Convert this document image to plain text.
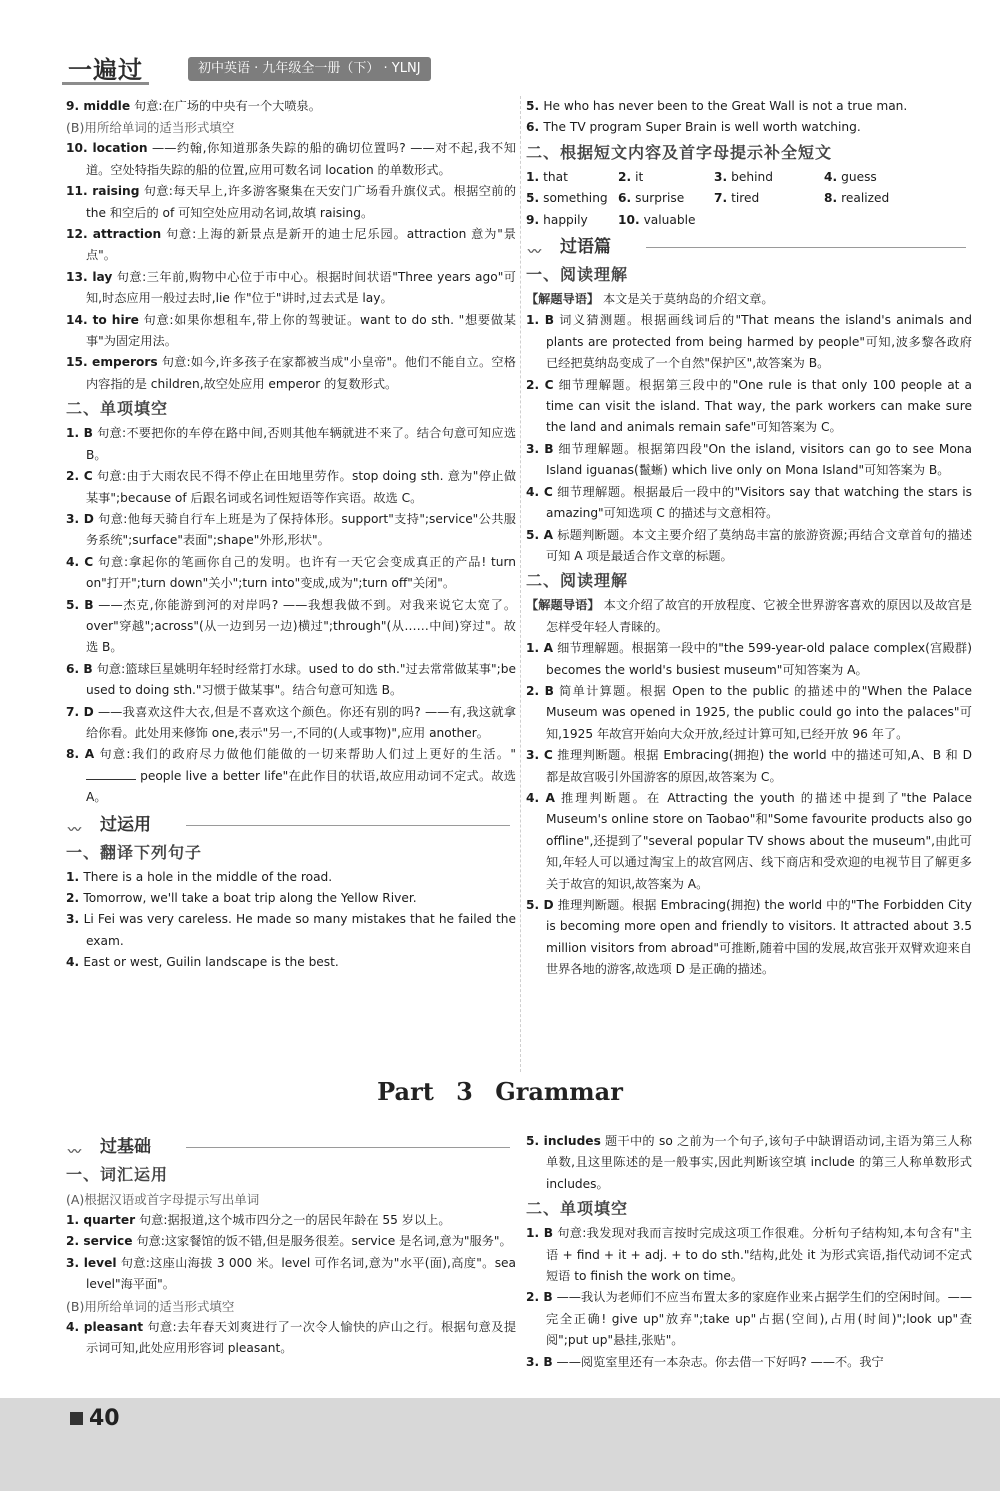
一遍过	初中英语 · 九年级全一册（下） · YLNJ
9. middle 句意:在广场的中央有一个大喷泉。
(B)用所给单词的适当形式填空
10. location ——约翰,你知道那条失踪的船的确切位置吗? ——对不起,我不知道。空处特指失踪的船的位置,应用可数名词 location 的单数形式。
11. raising 句意:每天早上,许多游客聚集在天安门广场看升旗仪式。根据空前的 the 和空后的 of 可知空处应用动名词,故填 raising。
12. attraction 句意:上海的新景点是新开的迪士尼乐园。attraction 意为"景点"。
13. lay 句意:三年前,购物中心位于市中心。根据时间状语"Three years ago"可知,时态应用一般过去时,lie 作"位于"讲时,过去式是 lay。
14. to hire 句意:如果你想租车,带上你的驾驶证。want to do sth. "想要做某事"为固定用法。
15. emperors 句意:如今,许多孩子在家都被当成"小皇帝"。他们不能自立。空格内容指的是 children,故空处应用 emperor 的复数形式。
二、单项填空
1. B 句意:不要把你的车停在路中间,否则其他车辆就进不来了。结合句意可知应选 B。
2. C 句意:由于大雨农民不得不停止在田地里劳作。stop doing sth. 意为"停止做某事";because of 后跟名词或名词性短语等作宾语。故选 C。
3. D 句意:他每天骑自行车上班是为了保持体形。support"支持";service"公共服务系统";surface"表面";shape"外形,形状"。
4. C 句意:拿起你的笔画你自己的发明。也许有一天它会变成真正的产品! turn on"打开";turn down"关小";turn into"变成,成为";turn off"关闭"。
5. B ——杰克,你能游到河的对岸吗? ——我想我做不到。对我来说它太宽了。over"穿越";across"(从一边到另一边)横过";through"(从……中间)穿过"。故选 B。
6. B 句意:篮球巨星姚明年轻时经常打水球。used to do sth."过去常常做某事";be used to doing sth."习惯于做某事"。结合句意可知选 B。
7. D ——我喜欢这件大衣,但是不喜欢这个颜色。你还有别的吗? ——有,我这就拿给你看。此处用来修饰 one,表示"另一,不同的(人或事物)",应用 another。
8. A 句意:我们的政府尽力做他们能做的一切来帮助人们过上更好的生活。" people live a better life"在此作目的状语,故应用动词不定式。故选 A。
〰 过运用
一、翻译下列句子
1. There is a hole in the middle of the road.
2. Tomorrow, we'll take a boat trip along the Yellow River.
3. Li Fei was very careless. He made so many mistakes that he failed the exam.
4. East or west, Guilin landscape is the best.
5. He who has never been to the Great Wall is not a true man.
6. The TV program Super Brain is well worth watching.
二、根据短文内容及首字母提示补全短文
1. that	2. it	3. behind	4. guess
5. something 6. surprise	7. tired	8. realized
9. happily	10. valuable
〰 过语篇
一、阅读理解
【解题导语】 本文是关于莫纳岛的介绍文章。
1. B 词义猜测题。根据画线词后的"That means the island's animals and plants are protected from being harmed by people"可知,波多黎各政府已经把莫纳岛变成了一个自然"保护区",故答案为 B。
2. C 细节理解题。根据第三段中的"One rule is that only 100 people at a time can visit the island. That way, the park workers can make sure the land and animals remain safe"可知答案为 C。
3. B 细节理解题。根据第四段"On the island, visitors can go to see Mona Island iguanas(鬣蜥) which live only on Mona Island"可知答案为 B。
4. C 细节理解题。根据最后一段中的"Visitors say that watching the stars is amazing"可知选项 C 的描述与文意相符。
5. A 标题判断题。本文主要介绍了莫纳岛丰富的旅游资源;再结合文章首句的描述可知 A 项是最适合作文章的标题。
二、阅读理解
【解题导语】 本文介绍了故宫的开放程度、它被全世界游客喜欢的原因以及故宫是怎样受年轻人青睐的。
1. A 细节理解题。根据第一段中的"the 599-year-old palace complex(宫殿群) becomes the world's busiest museum"可知答案为 A。
2. B 简单计算题。根据 Open to the public 的描述中的"When the Palace Museum was opened in 1925, the public could go into the palaces"可知,1925 年故宫开始向大众开放,经过计算可知,已经开放 96 年了。
3. C 推理判断题。根据 Embracing(拥抱) the world 中的描述可知,A、B 和 D 都是故宫吸引外国游客的原因,故答案为 C。
4. A 推理判断题。在 Attracting the youth 的描述中提到了"the Palace Museum's online store on Taobao"和"Some favourite products also go offline",还提到了"several popular TV shows about the museum",由此可知,年轻人可以通过淘宝上的故宫网店、线下商店和受欢迎的电视节目了解更多关于故宫的知识,故答案为 A。
5. D 推理判断题。根据 Embracing(拥抱) the world 中的"The Forbidden City is becoming more open and friendly to visitors. It attracted about 3.5 million visitors from abroad"可推断,随着中国的发展,故宫张开双臂欢迎来自世界各地的游客,故选项 D 是正确的描述。
Part 3 Grammar
〰 过基础
一、词汇运用
(A)根据汉语或首字母提示写出单词
1. quarter 句意:据报道,这个城市四分之一的居民年龄在 55 岁以上。
2. service 句意:这家餐馆的饭不错,但是服务很差。service 是名词,意为"服务"。
3. level 句意:这座山海拔 3 000 米。level 可作名词,意为"水平(面),高度"。sea level"海平面"。
(B)用所给单词的适当形式填空
4. pleasant 句意:去年春天刘爽进行了一次令人愉快的庐山之行。根据句意及提示词可知,此处应用形容词 pleasant。
5. includes 题干中的 so 之前为一个句子,该句子中缺谓语动词,主语为第三人称单数,且这里陈述的是一般事实,因此判断该空填 include 的第三人称单数形式 includes。
二、单项填空
1. B 句意:我发现对我而言按时完成这项工作很难。分析句子结构知,本句含有"主语 + find + it + adj. + to do sth."结构,此处 it 为形式宾语,指代动词不定式短语 to finish the work on time。
2. B ——我认为老师们不应当布置太多的家庭作业来占据学生们的空闲时间。——完全正确! give up"放弃";take up"占据(空间),占用(时间)";look up"查阅";put up"悬挂,张贴"。
3. B ——阅览室里还有一本杂志。你去借一下好吗? ——不。我宁
40
